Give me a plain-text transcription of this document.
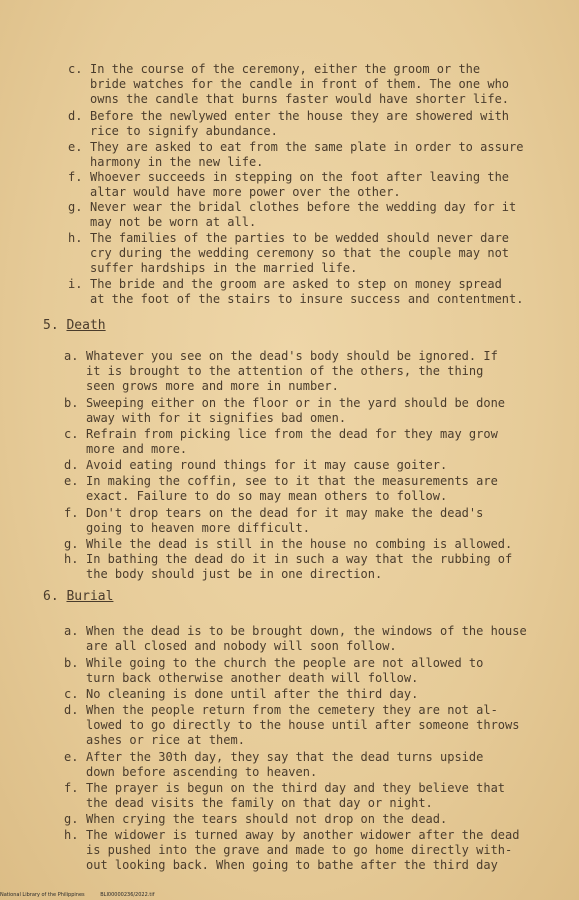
c. In the course of the ceremony, either the groom or the
bride watches for the candle in front of them. The one who
owns the candle that burns faster would have shorter life.
d. Before the newlywed enter the house they are showered with
rice to signify abundance.
e. They are asked to eat from the same plate in order to assure
harmony in the new life.
f. Whoever succeeds in stepping on the foot after leaving the
altar would have more power over the other.
g. Never wear the bridal clothes before the wedding day for it
may not be worn at all.
h. The families of the parties to be wedded should never dare
cry during the wedding ceremony so that the couple may not
suffer hardships in the married life.
i. The bride and the groom are asked to step on money spread
at the foot of the stairs to insure success and contentment.
5. Death
a. Whatever you see on the dead's body should be ignored. If
it is brought to the attention of the others, the thing
seen grows more and more in number.
b. Sweeping either on the floor or in the yard should be done
away with for it signifies bad omen.
c. Refrain from picking lice from the dead for they may grow
more and more.
d. Avoid eating round things for it may cause goiter.
e. In making the coffin, see to it that the measurements are
exact. Failure to do so may mean others to follow.
f. Don't drop tears on the dead for it may make the dead's
going to heaven more difficult.
g. While the dead is still in the house no combing is allowed.
h. In bathing the dead do it in such a way that the rubbing of
the body should just be in one direction.
6. Burial
a. When the dead is to be brought down, the windows of the house
are all closed and nobody will soon follow.
b. While going to the church the people are not allowed to
turn back otherwise another death will follow.
c. No cleaning is done until after the third day.
d. When the people return from the cemetery they are not al-
lowed to go directly to the house until after someone throws
ashes or rice at them.
e. After the 30th day, they say that the dead turns upside
down before ascending to heaven.
f. The prayer is begun on the third day and they believe that
the dead visits the family on that day or night.
g. When crying the tears should not drop on the dead.
h. The widower is turned away by another widower after the dead
is pushed into the grave and made to go home directly with-
out looking back. When going to bathe after the third day
National Library of the Philippines	BLI00000236/2022.tif
